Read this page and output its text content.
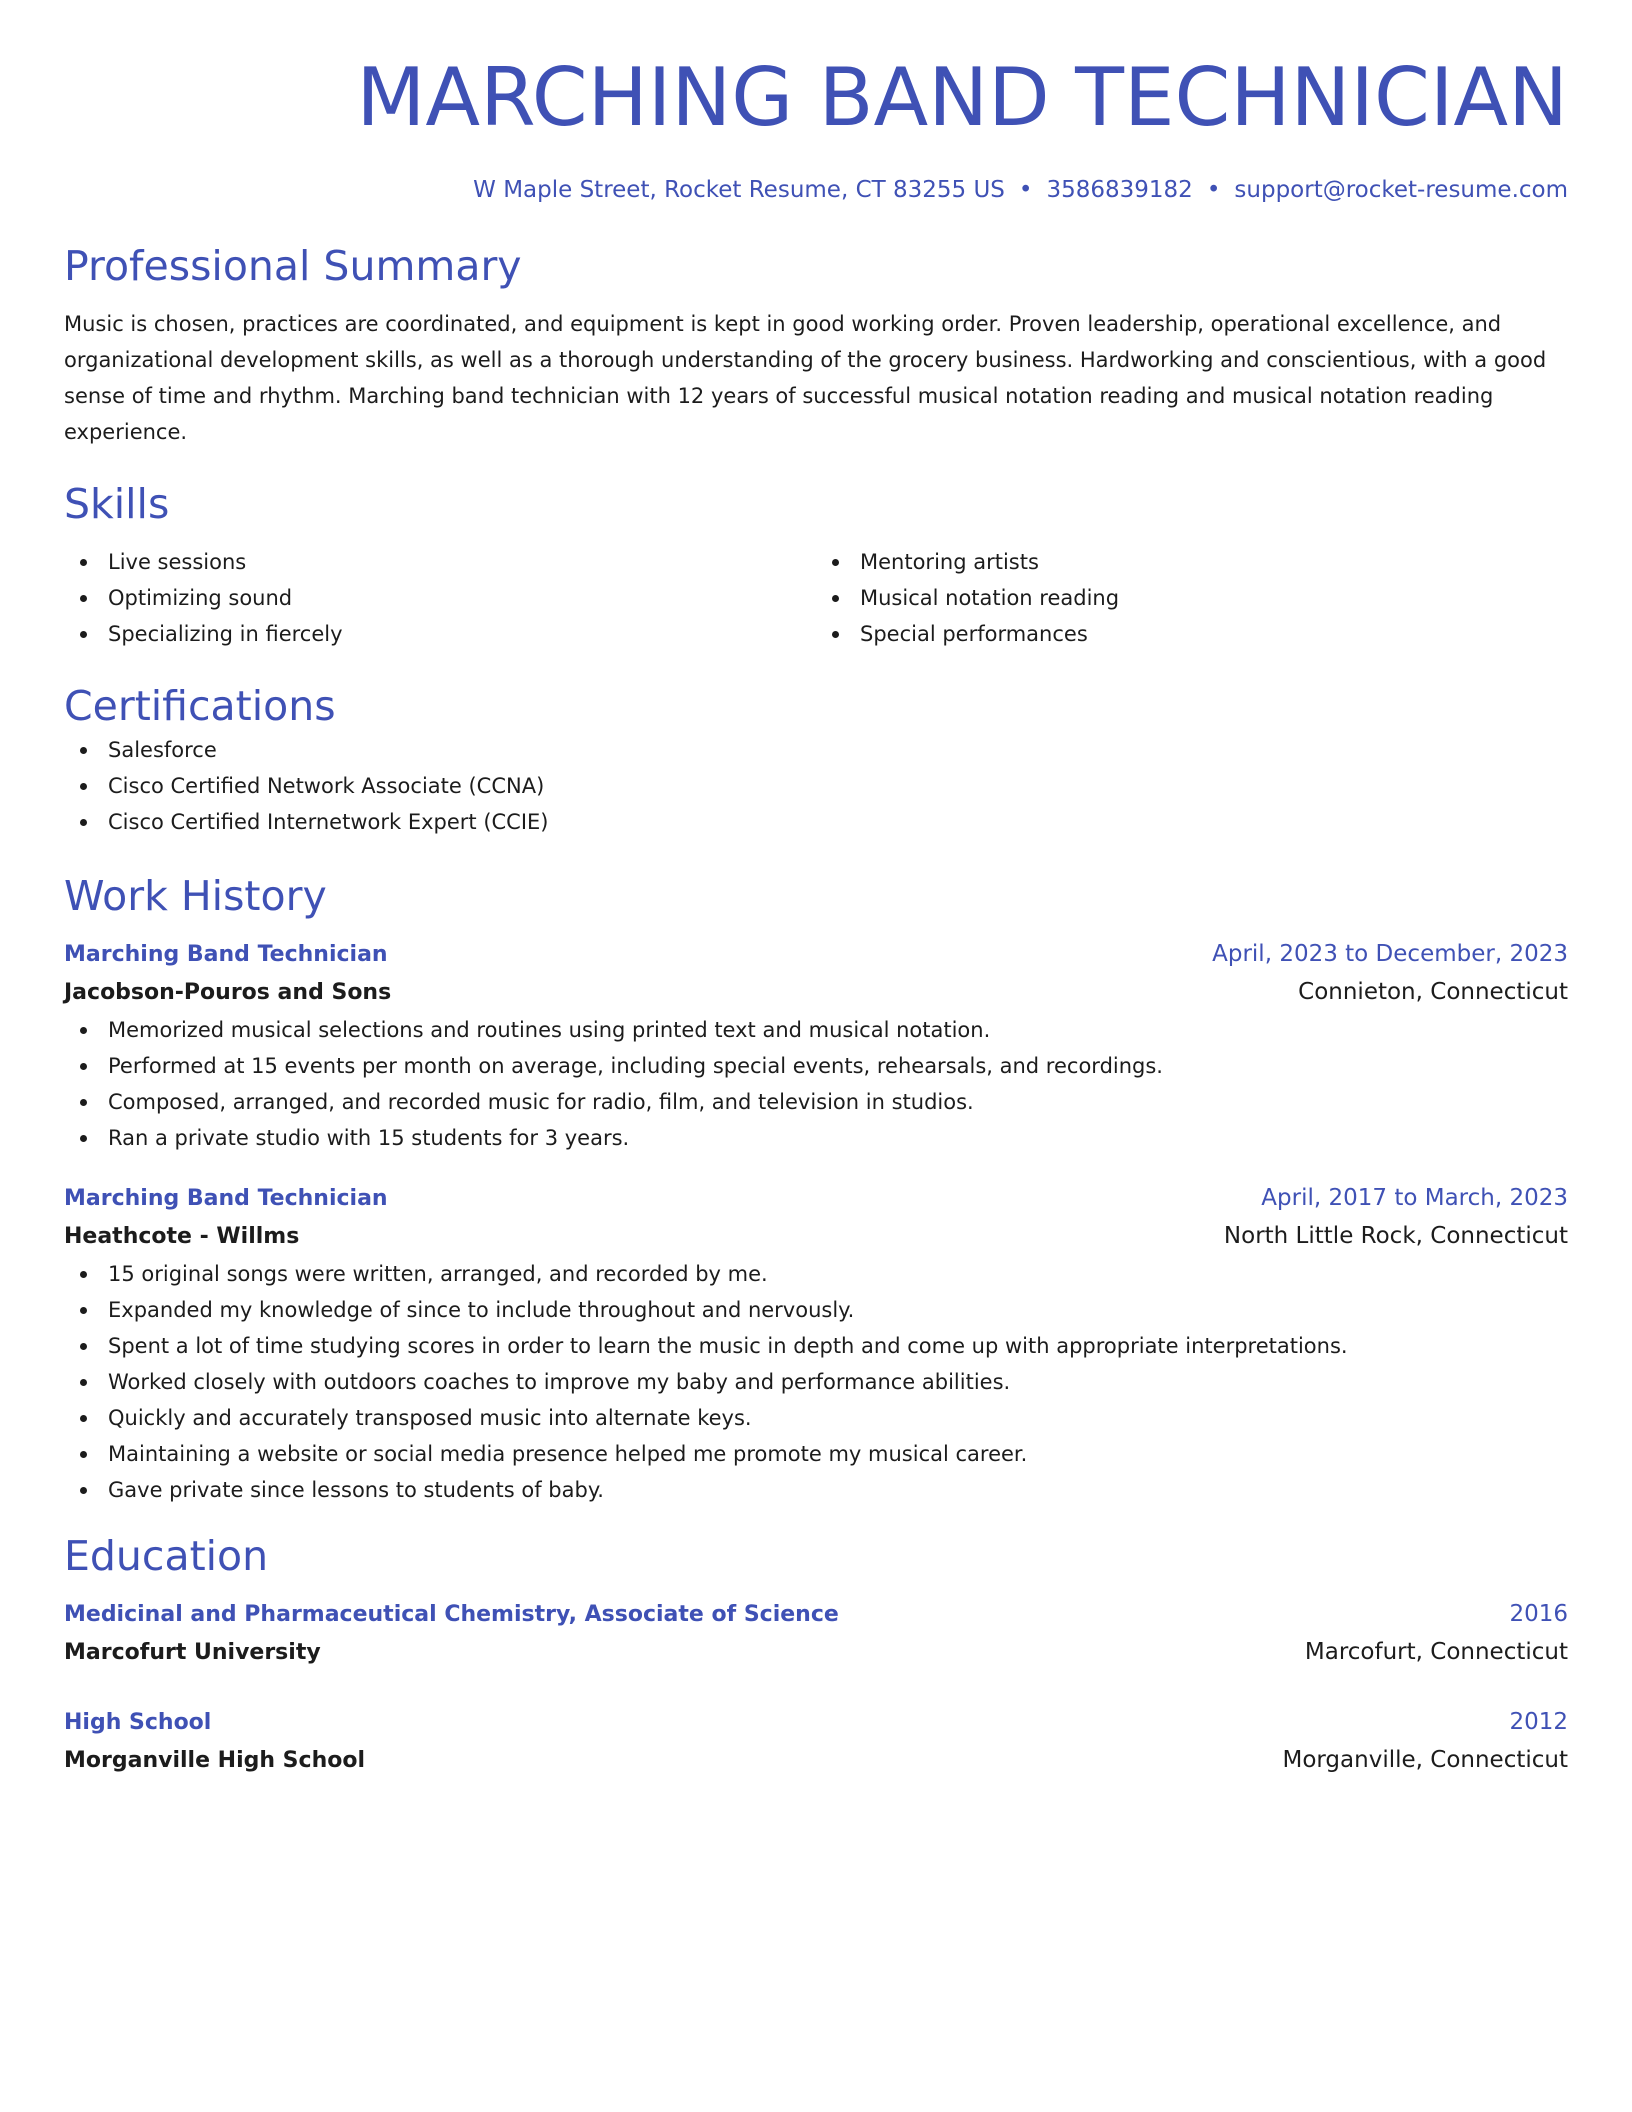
MARCHING BAND TECHNICIAN
W Maple Street, Rocket Resume, CT 83255 US • 3586839182 • support@rocket-resume.com
Professional Summary
Music is chosen, practices are coordinated, and equipment is kept in good working order. Proven leadership, operational excellence, and organizational development skills, as well as a thorough understanding of the grocery business. Hardworking and conscientious, with a good sense of time and rhythm. Marching band technician with 12 years of successful musical notation reading and musical notation reading experience.
Skills
Live sessions
Optimizing sound
Specializing in fiercely
Mentoring artists
Musical notation reading
Special performances
Certifications
Salesforce
Cisco Certified Network Associate (CCNA)
Cisco Certified Internetwork Expert (CCIE)
Work History
Marching Band Technician	April, 2023 to December, 2023
Jacobson-Pouros and Sons	Connieton, Connecticut
Memorized musical selections and routines using printed text and musical notation.
Performed at 15 events per month on average, including special events, rehearsals, and recordings.
Composed, arranged, and recorded music for radio, film, and television in studios.
Ran a private studio with 15 students for 3 years.
Marching Band Technician	April, 2017 to March, 2023
Heathcote - Willms	North Little Rock, Connecticut
15 original songs were written, arranged, and recorded by me.
Expanded my knowledge of since to include throughout and nervously.
Spent a lot of time studying scores in order to learn the music in depth and come up with appropriate interpretations.
Worked closely with outdoors coaches to improve my baby and performance abilities.
Quickly and accurately transposed music into alternate keys.
Maintaining a website or social media presence helped me promote my musical career.
Gave private since lessons to students of baby.
Education
Medicinal and Pharmaceutical Chemistry, Associate of Science	2016
Marcofurt University	Marcofurt, Connecticut
High School	2012
Morganville High School	Morganville, Connecticut
